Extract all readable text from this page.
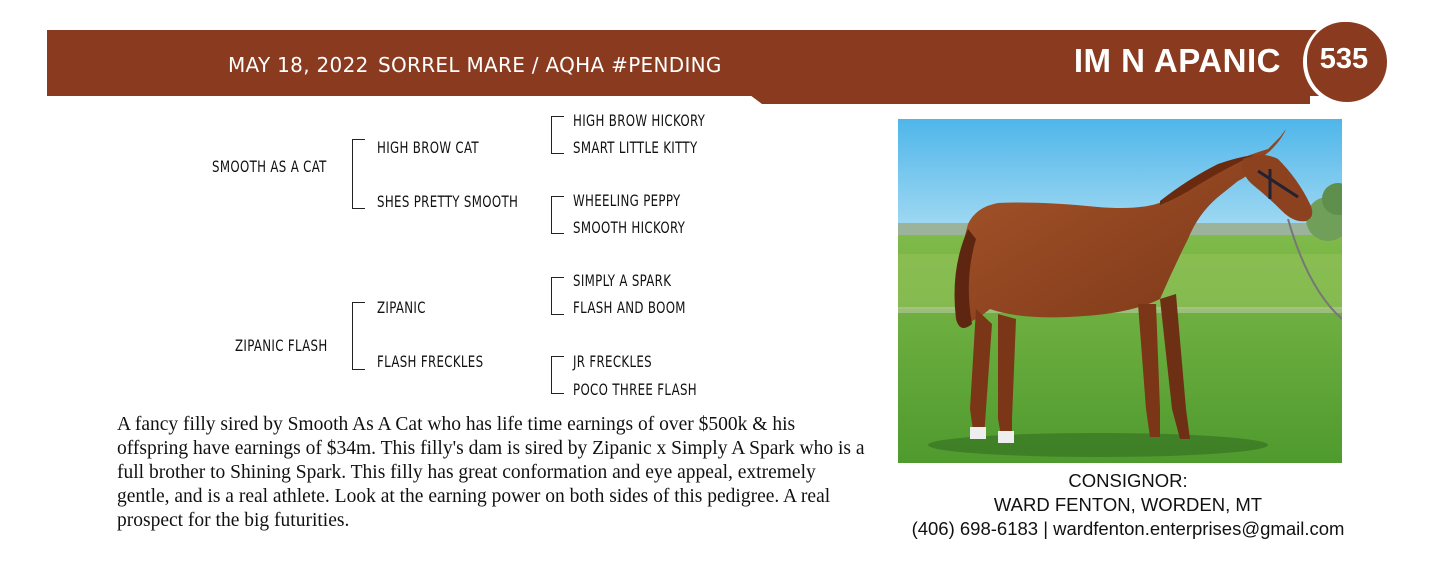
MAY 18, 2022 SORREL MARE / AQHA #PENDING	IM N APANIC	535
SMOOTH AS A CAT
ZIPANIC FLASH
HIGH BROW CAT
SHES PRETTY SMOOTH
ZIPANIC
FLASH FRECKLES
HIGH BROW HICKORY
SMART LITTLE KITTY
WHEELING PEPPY
SMOOTH HICKORY
SIMPLY A SPARK
FLASH AND BOOM
JR FRECKLES
POCO THREE FLASH

A fancy filly sired by Smooth As A Cat who has life time earnings of over $500k & his offspring have earnings of $34m. This filly's dam is sired by Zipanic x Simply A Spark who is a full brother to Shining Spark. This filly has great conformation and eye appeal, extremely gentle, and is a real athlete. Look at the earning power on both sides of this pedigree. A real prospect for the big futurities.

CONSIGNOR:
WARD FENTON, WORDEN, MT
(406) 698-6183 | wardfenton.enterprises@gmail.com
